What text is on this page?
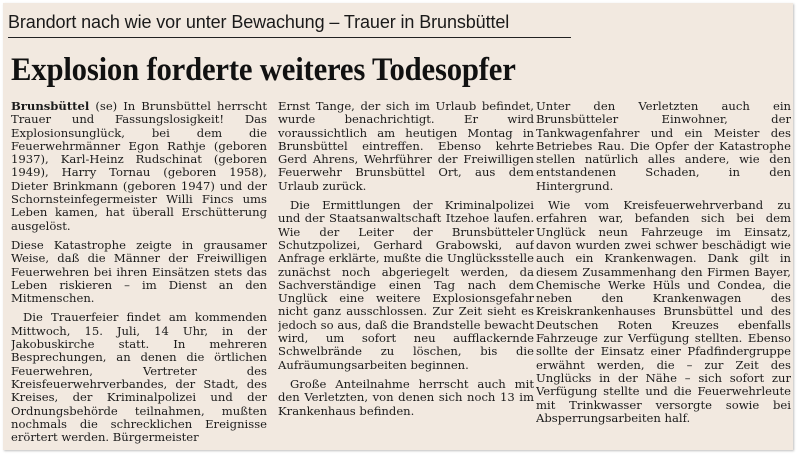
Brandort nach wie vor unter Bewachung – Trauer in Brunsbüttel
Explosion forderte weiteres Todesopfer

Brunsbüttel (se) In Brunsbüttel herrscht Trauer und Fassungslosigkeit! Das Explosionsunglück, bei dem die Feuerwehrmänner Egon Rathje (geboren 1937), Karl-Heinz Rudschinat (geboren 1949), Harry Tornau (geboren 1958), Dieter Brinkmann (geboren 1947) und der Schornsteinfegermeister Willi Fincs ums Leben kamen, hat überall Erschütterung ausgelöst.

Diese Katastrophe zeigte in grausamer Weise, daß die Männer der Freiwilligen Feuerwehren bei ihren Einsätzen stets das Leben riskieren – im Dienst an den Mitmenschen.

Die Trauerfeier findet am kommenden Mittwoch, 15. Juli, 14 Uhr, in der Jakobuskirche statt. In mehreren Besprechungen, an denen die örtlichen Feuerwehren, Vertreter des Kreisfeuerwehrverbandes, der Stadt, des Kreises, der Kriminalpolizei und der Ordnungsbehörde teilnahmen, mußten nochmals die schrecklichen Ereignisse erörtert werden. Bürgermeister

Ernst Tange, der sich im Urlaub befindet, wurde benachrichtigt. Er wird voraussichtlich am heutigen Montag in Brunsbüttel eintreffen. Ebenso kehrte Gerd Ahrens, Wehrführer der Freiwilligen Feuerwehr Brunsbüttel Ort, aus dem Urlaub zurück.

Die Ermittlungen der Kriminalpolizei und der Staatsanwaltschaft Itzehoe laufen. Wie der Leiter der Brunsbütteler Schutzpolizei, Gerhard Grabowski, auf Anfrage erklärte, mußte die Unglücksstelle zunächst noch abgeriegelt werden, da Sachverständige einen Tag nach dem Unglück eine weitere Explosionsgefahr nicht ganz ausschlossen. Zur Zeit sieht es jedoch so aus, daß die Brandstelle bewacht wird, um sofort neu aufflackernde Schwelbrände zu löschen, bis die Aufräumungsarbeiten beginnen.

Große Anteilnahme herrscht auch mit den Verletzten, von denen sich noch 13 im Krankenhaus befinden.

Unter den Verletzten auch ein Brunsbütteler Einwohner, der Tankwagenfahrer und ein Meister des Betriebes Rau. Die Opfer der Katastrophe stellen natürlich alles andere, wie den entstandenen Schaden, in den Hintergrund.

Wie vom Kreisfeuerwehrverband zu erfahren war, befanden sich bei dem Unglück neun Fahrzeuge im Einsatz, davon wurden zwei schwer beschädigt wie auch ein Krankenwagen. Dank gilt in diesem Zusammenhang den Firmen Bayer, Chemische Werke Hüls und Condea, die neben den Krankenwagen des Kreiskrankenhauses Brunsbüttel und des Deutschen Roten Kreuzes ebenfalls Fahrzeuge zur Verfügung stellten. Ebenso sollte der Einsatz einer Pfadfindergruppe erwähnt werden, die – zur Zeit des Unglücks in der Nähe – sich sofort zur Verfügung stellte und die Feuerwehrleute mit Trinkwasser versorgte sowie bei Absperrungsarbeiten half.
